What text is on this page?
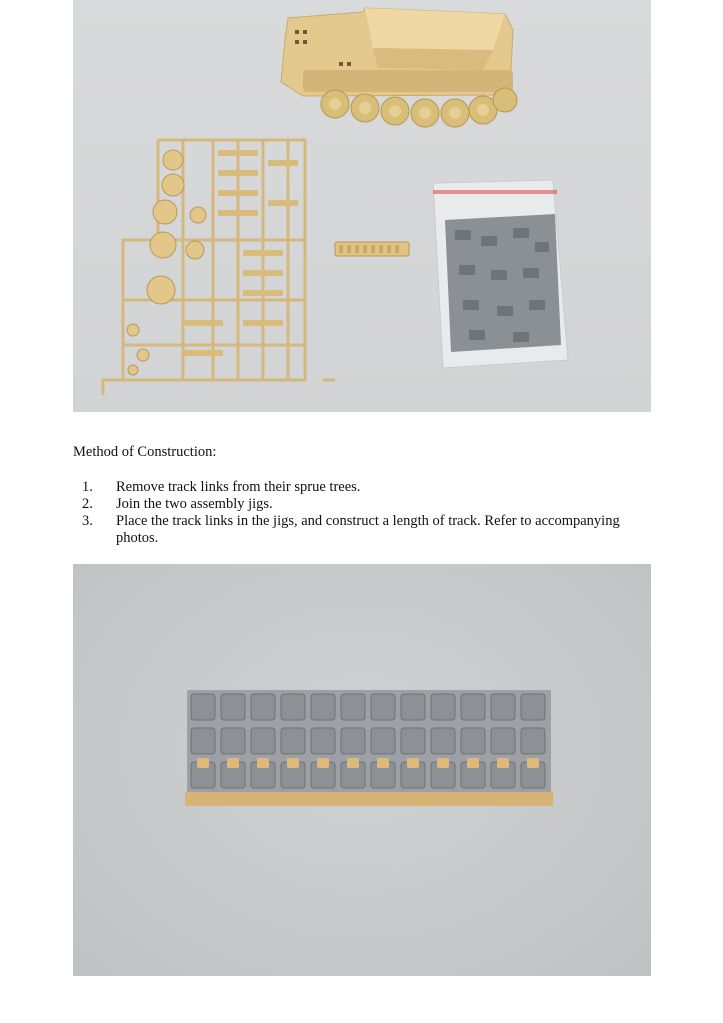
Method of Construction:
1.	Remove track links from their sprue trees.
2.	Join the two assembly jigs.
3.	Place the track links in the jigs, and construct a length of track. Refer to accompanying photos.
